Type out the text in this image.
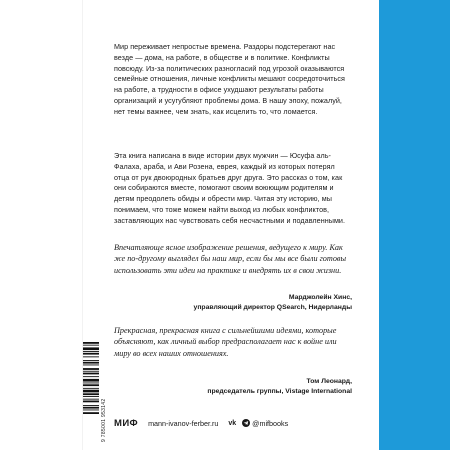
Мир переживает непростые времена. Раздоры подстерегают нас везде — дома, на работе, в обществе и в политике. Конфликты повсюду. Из-за политических разногласий под угрозой оказываются семейные отношения, личные конфликты мешают сосредоточиться на работе, а трудности в офисе ухудшают результаты работы организаций и усугубляют проблемы дома. В нашу эпоху, пожалуй, нет темы важнее, чем знать, как исцелить то, что ломается.

Эта книга написана в виде истории двух мужчин — Юсуфа аль-Фалаха, араба, и Ави Розена, еврея, каждый из которых потерял отца от рук двоюродных братьев друг друга. Это рассказ о том, как они собираются вместе, помогают своим воюющим родителям и детям преодолеть обиды и обрести мир. Читая эту историю, мы понимаем, что тоже можем найти выход из любых конфликтов, заставляющих нас чувствовать себя несчастными и подавленными.

Впечатляюще ясное изображение решения, ведущего к миру. Как же по-другому выглядел бы наш мир, если бы мы все были готовы использовать эти идеи на практике и внедрять их в свои жизни.

Марджолейн Хинс,
управляющий директор QSearch, Нидерланды

Прекрасная, прекрасная книга с сильнейшими идеями, которые объясняют, как личный выбор предрасполагает нас к войне или миру во всех наших отношениях.

Том Леонард,
председатель группы, Vistage International
9 785001 953142 МИФ mann-ivanov-ferber.ru vk @mifbooks
